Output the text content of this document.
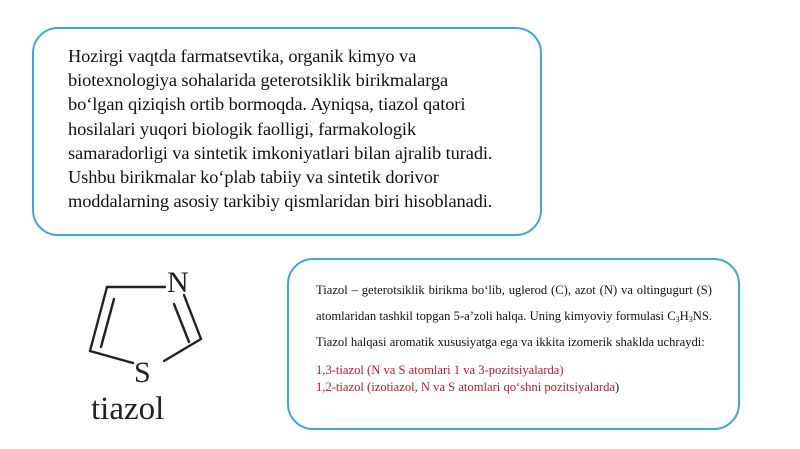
Hozirgi vaqtda farmatsevtika, organik kimyo va
biotexnologiya sohalarida geterotsiklik birikmalarga
bo‘lgan qiziqish ortib bormoqda. Ayniqsa, tiazol qatori
hosilalari yuqori biologik faolligi, farmakologik
samaradorligi va sintetik imkoniyatlari bilan ajralib turadi.
Ushbu birikmalar ko‘plab tabiiy va sintetik dorivor
moddalarning asosiy tarkibiy qismlaridan biri hisoblanadi.
N
S
tiazol

Tiazol – geterotsiklik birikma bo‘lib, uglerod (C), azot (N) va oltingugurt (S) atomlaridan tashkil topgan 5-a’zoli halqa. Uning kimyoviy formulasi $C_3H_3NS$. Tiazol halqasi aromatik xususiyatga ega va ikkita izomerik shaklda uchraydi:

1,3-tiazol (N va S atomlari 1 va 3-pozitsiyalarda)
1,2-tiazol (izotiazol, N va S atomlari qo‘shni pozitsiyalarda)
